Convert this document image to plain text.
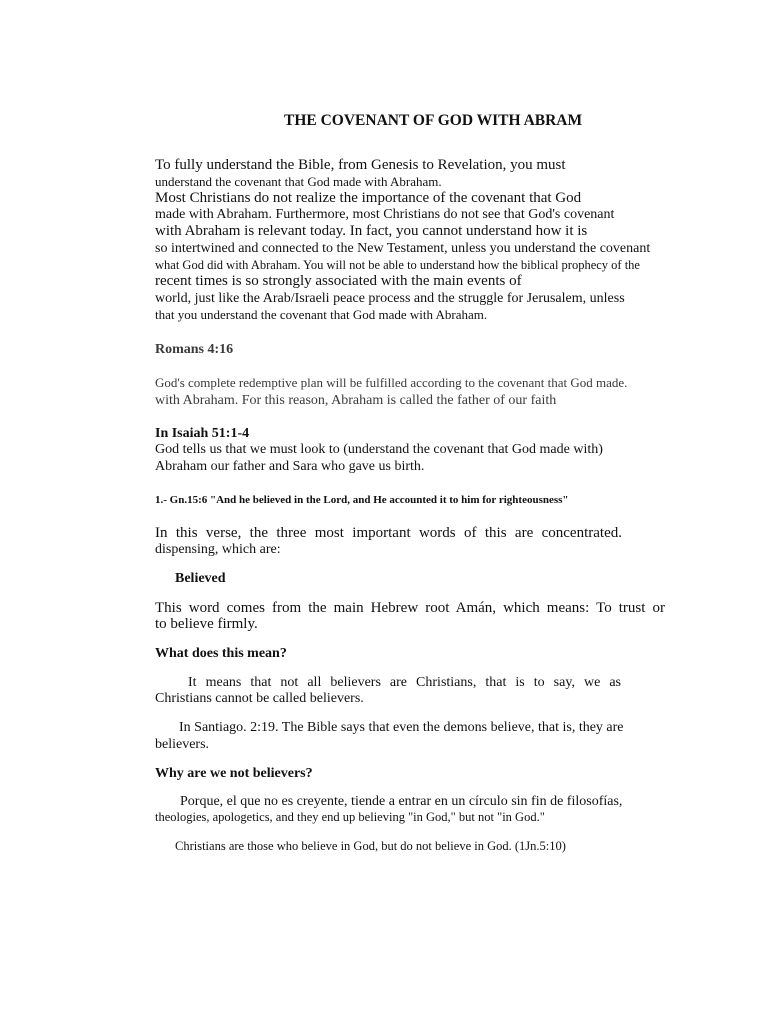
THE COVENANT OF GOD WITH ABRAM
To fully understand the Bible, from Genesis to Revelation, you must
understand the covenant that God made with Abraham.
Most Christians do not realize the importance of the covenant that God
made with Abraham. Furthermore, most Christians do not see that God's covenant
with Abraham is relevant today. In fact, you cannot understand how it is
so intertwined and connected to the New Testament, unless you understand the covenant
what God did with Abraham. You will not be able to understand how the biblical prophecy of the
recent times is so strongly associated with the main events of
world, just like the Arab/Israeli peace process and the struggle for Jerusalem, unless
that you understand the covenant that God made with Abraham.
Romans 4:16
God's complete redemptive plan will be fulfilled according to the covenant that God made.
with Abraham. For this reason, Abraham is called the father of our faith
In Isaiah 51:1-4
God tells us that we must look to (understand the covenant that God made with)
Abraham our father and Sara who gave us birth.
1.- Gn.15:6 "And he believed in the Lord, and He accounted it to him for righteousness"
In this verse, the three most important words of this are concentrated.
dispensing, which are:
Believed
This word comes from the main Hebrew root Amán, which means: To trust or
to believe firmly.
What does this mean?
It means that not all believers are Christians, that is to say, we as
Christians cannot be called believers.
In Santiago. 2:19. The Bible says that even the demons believe, that is, they are
believers.
Why are we not believers?
Porque, el que no es creyente, tiende a entrar en un círculo sin fin de filosofías,
theologies, apologetics, and they end up believing "in God," but not "in God."
Christians are those who believe in God, but do not believe in God. (1Jn.5:10)
